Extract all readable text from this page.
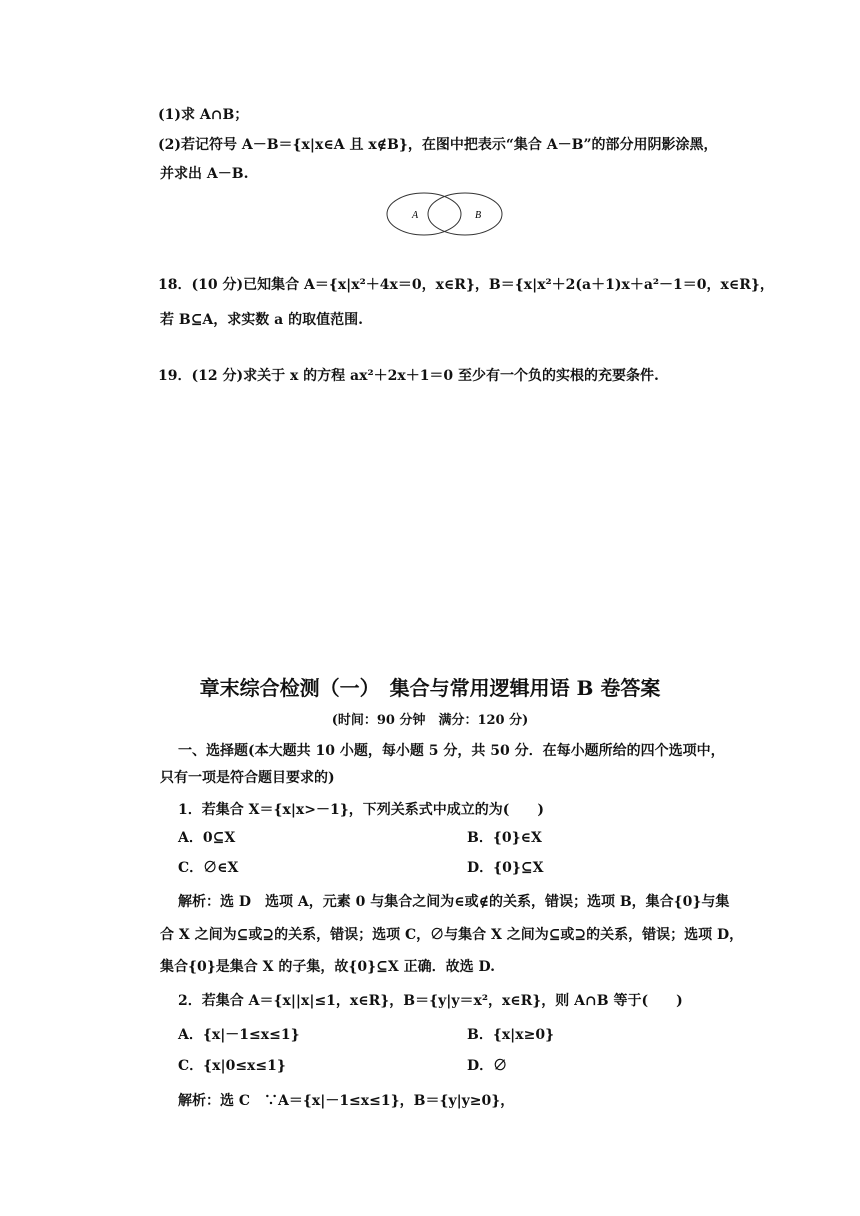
(1)求 A∩B；
(2)若记符号 A－B＝{x|x∈A 且 x∉B}，在图中把表示“集合 A－B”的部分用阴影涂黑，
并求出 A－B.
A	B
18．(10 分)已知集合 A＝{x|x²＋4x＝0，x∈R}，B＝{x|x²＋2(a＋1)x＋a²－1＝0，x∈R}，
若 B⊆A，求实数 a 的取值范围.
19．(12 分)求关于 x 的方程 ax²＋2x＋1＝0 至少有一个负的实根的充要条件.
章末综合检测（一）　集合与常用逻辑用语 B 卷答案
(时间：90 分钟　满分：120 分)
一、选择题(本大题共 10 小题，每小题 5 分，共 50 分．在每小题所给的四个选项中，
只有一项是符合题目要求的)
1．若集合 X＝{x|x>－1}，下列关系式中成立的为(　　)
A．0⊆X	B．{0}∈X
C．∅∈X	D．{0}⊆X
解析：选 D　选项 A，元素 0 与集合之间为∈或∉的关系，错误；选项 B，集合{0}与集
合 X 之间为⊆或⊇的关系，错误；选项 C，∅与集合 X 之间为⊆或⊇的关系，错误；选项 D，
集合{0}是集合 X 的子集，故{0}⊆X 正确．故选 D.
2．若集合 A＝{x||x|≤1，x∈R}，B＝{y|y＝x²，x∈R}，则 A∩B 等于(　　)
A．{x|－1≤x≤1}	B．{x|x≥0}
C．{x|0≤x≤1}	D．∅
解析：选 C　∵A＝{x|－1≤x≤1}，B＝{y|y≥0}，
